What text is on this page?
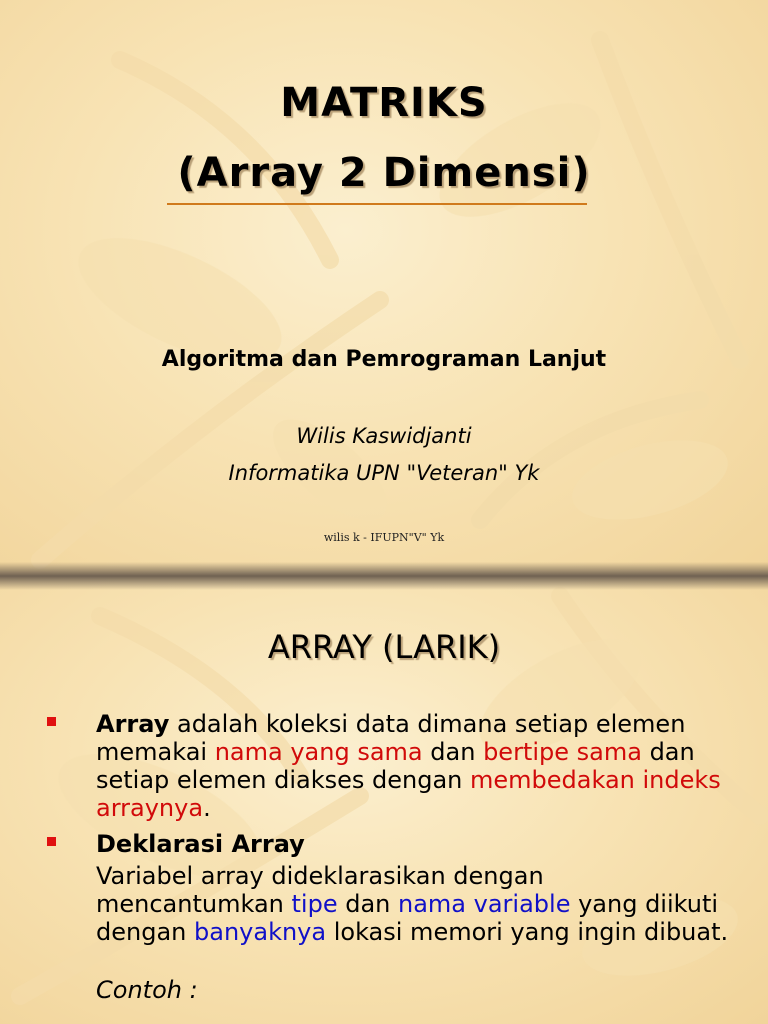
MATRIKS
(Array 2 Dimensi)
Algoritma dan Pemrograman Lanjut
Wilis Kaswidjanti
Informatika UPN "Veteran" Yk
wilis k - IFUPN"V" Yk
ARRAY (LARIK)
Array adalah koleksi data dimana setiap elemen memakai nama yang sama dan bertipe sama dan setiap elemen diakses dengan membedakan indeks arraynya.
Deklarasi Array
Variabel array dideklarasikan dengan mencantumkan tipe dan nama variable yang diikuti dengan banyaknya lokasi memori yang ingin dibuat.
Contoh :
